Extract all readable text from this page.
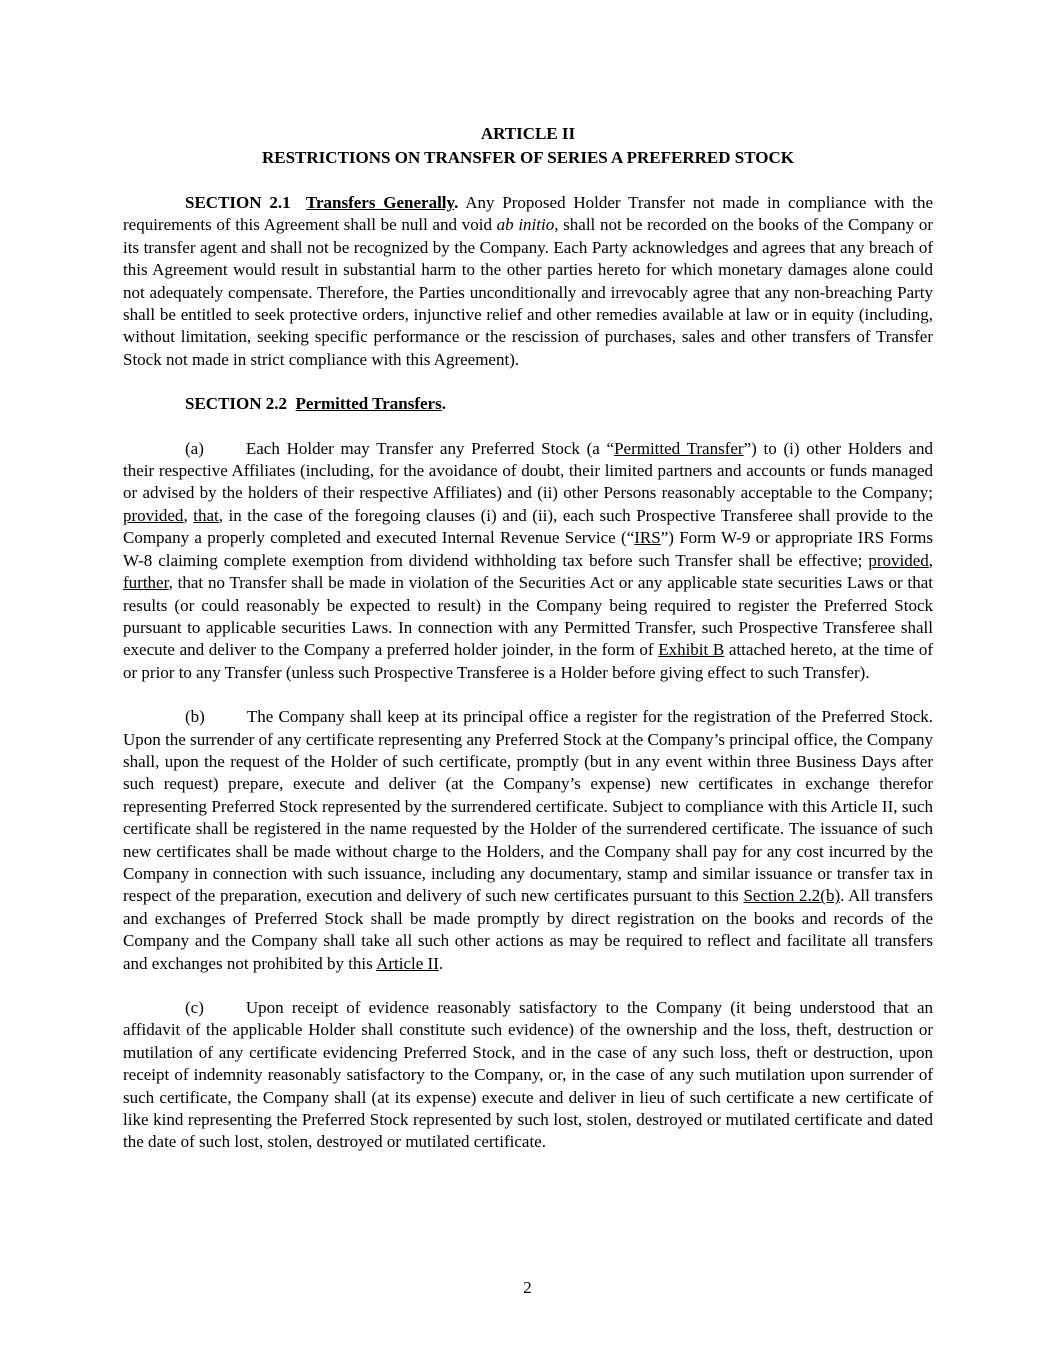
ARTICLE II
RESTRICTIONS ON TRANSFER OF SERIES A PREFERRED STOCK

SECTION 2.1  Transfers Generally. Any Proposed Holder Transfer not made in compliance with the requirements of this Agreement shall be null and void ab initio, shall not be recorded on the books of the Company or its transfer agent and shall not be recognized by the Company. Each Party acknowledges and agrees that any breach of this Agreement would result in substantial harm to the other parties hereto for which monetary damages alone could not adequately compensate. Therefore, the Parties unconditionally and irrevocably agree that any non-breaching Party shall be entitled to seek protective orders, injunctive relief and other remedies available at law or in equity (including, without limitation, seeking specific performance or the rescission of purchases, sales and other transfers of Transfer Stock not made in strict compliance with this Agreement).

SECTION 2.2  Permitted Transfers.

(a) Each Holder may Transfer any Preferred Stock (a “Permitted Transfer”) to (i) other Holders and their respective Affiliates (including, for the avoidance of doubt, their limited partners and accounts or funds managed or advised by the holders of their respective Affiliates) and (ii) other Persons reasonably acceptable to the Company; provided, that, in the case of the foregoing clauses (i) and (ii), each such Prospective Transferee shall provide to the Company a properly completed and executed Internal Revenue Service (“IRS”) Form W-9 or appropriate IRS Forms W-8 claiming complete exemption from dividend withholding tax before such Transfer shall be effective; provided, further, that no Transfer shall be made in violation of the Securities Act or any applicable state securities Laws or that results (or could reasonably be expected to result) in the Company being required to register the Preferred Stock pursuant to applicable securities Laws. In connection with any Permitted Transfer, such Prospective Transferee shall execute and deliver to the Company a preferred holder joinder, in the form of Exhibit B attached hereto, at the time of or prior to any Transfer (unless such Prospective Transferee is a Holder before giving effect to such Transfer).

(b) The Company shall keep at its principal office a register for the registration of the Preferred Stock. Upon the surrender of any certificate representing any Preferred Stock at the Company’s principal office, the Company shall, upon the request of the Holder of such certificate, promptly (but in any event within three Business Days after such request) prepare, execute and deliver (at the Company’s expense) new certificates in exchange therefor representing Preferred Stock represented by the surrendered certificate. Subject to compliance with this Article II, such certificate shall be registered in the name requested by the Holder of the surrendered certificate. The issuance of such new certificates shall be made without charge to the Holders, and the Company shall pay for any cost incurred by the Company in connection with such issuance, including any documentary, stamp and similar issuance or transfer tax in respect of the preparation, execution and delivery of such new certificates pursuant to this Section 2.2(b). All transfers and exchanges of Preferred Stock shall be made promptly by direct registration on the books and records of the Company and the Company shall take all such other actions as may be required to reflect and facilitate all transfers and exchanges not prohibited by this Article II.

(c) Upon receipt of evidence reasonably satisfactory to the Company (it being understood that an affidavit of the applicable Holder shall constitute such evidence) of the ownership and the loss, theft, destruction or mutilation of any certificate evidencing Preferred Stock, and in the case of any such loss, theft or destruction, upon receipt of indemnity reasonably satisfactory to the Company, or, in the case of any such mutilation upon surrender of such certificate, the Company shall (at its expense) execute and deliver in lieu of such certificate a new certificate of like kind representing the Preferred Stock represented by such lost, stolen, destroyed or mutilated certificate and dated the date of such lost, stolen, destroyed or mutilated certificate.

2
